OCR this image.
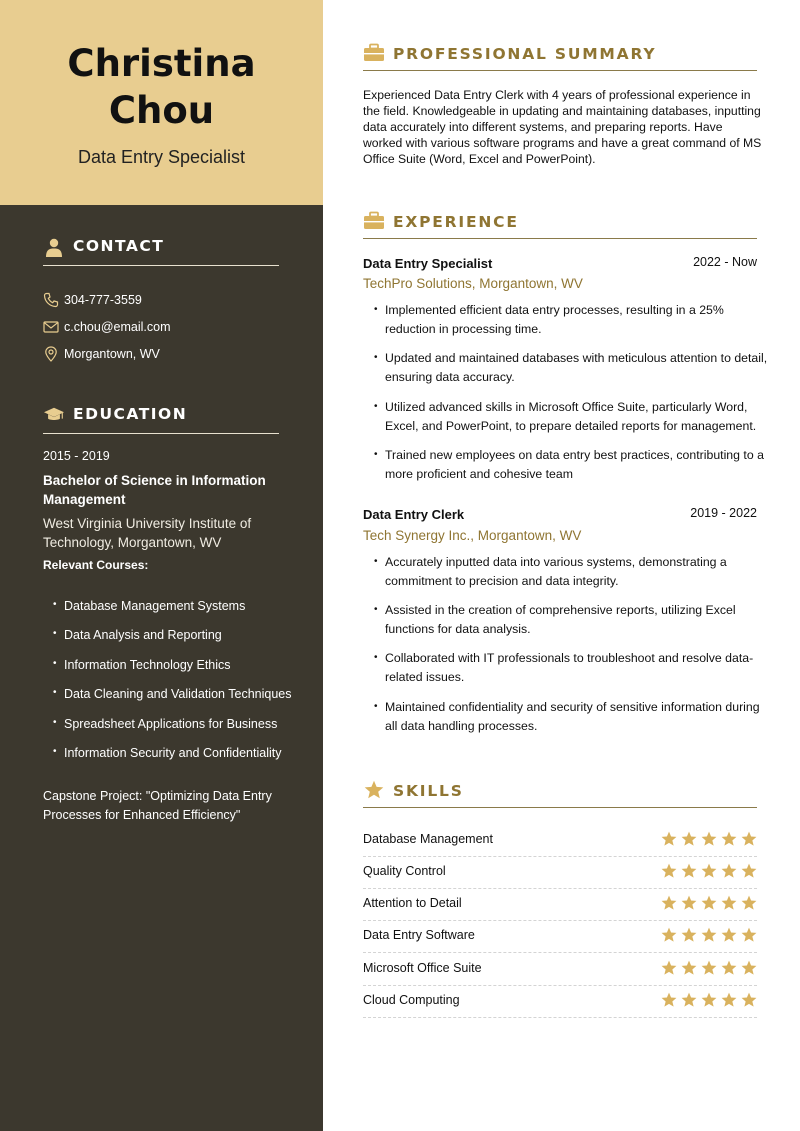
Christina
Chou
Data Entry Specialist
CONTACT
304-777-3559
c.chou@email.com
Morgantown, WV
EDUCATION
2015 - 2019
Bachelor of Science in Information Management
West Virginia University Institute of Technology, Morgantown, WV
Relevant Courses:
Database Management Systems
Data Analysis and Reporting
Information Technology Ethics
Data Cleaning and Validation Techniques
Spreadsheet Applications for Business
Information Security and Confidentiality
Capstone Project: "Optimizing Data Entry Processes for Enhanced Efficiency"
PROFESSIONAL SUMMARY
Experienced Data Entry Clerk with 4 years of professional experience in the field. Knowledgeable in updating and maintaining databases, inputting data accurately into different systems, and preparing reports. Have worked with various software programs and have a great command of MS Office Suite (Word, Excel and PowerPoint).
EXPERIENCE
Data Entry Specialist	2022 - Now
TechPro Solutions, Morgantown, WV
• Implemented efficient data entry processes, resulting in a 25% reduction in processing time.
• Updated and maintained databases with meticulous attention to detail, ensuring data accuracy.
• Utilized advanced skills in Microsoft Office Suite, particularly Word, Excel, and PowerPoint, to prepare detailed reports for management.
• Trained new employees on data entry best practices, contributing to a more proficient and cohesive team
Data Entry Clerk	2019 - 2022
Tech Synergy Inc., Morgantown, WV
• Accurately inputted data into various systems, demonstrating a commitment to precision and data integrity.
• Assisted in the creation of comprehensive reports, utilizing Excel functions for data analysis.
• Collaborated with IT professionals to troubleshoot and resolve data-related issues.
• Maintained confidentiality and security of sensitive information during all data handling processes.
SKILLS
Database Management
Quality Control
Attention to Detail
Data Entry Software
Microsoft Office Suite
Cloud Computing
